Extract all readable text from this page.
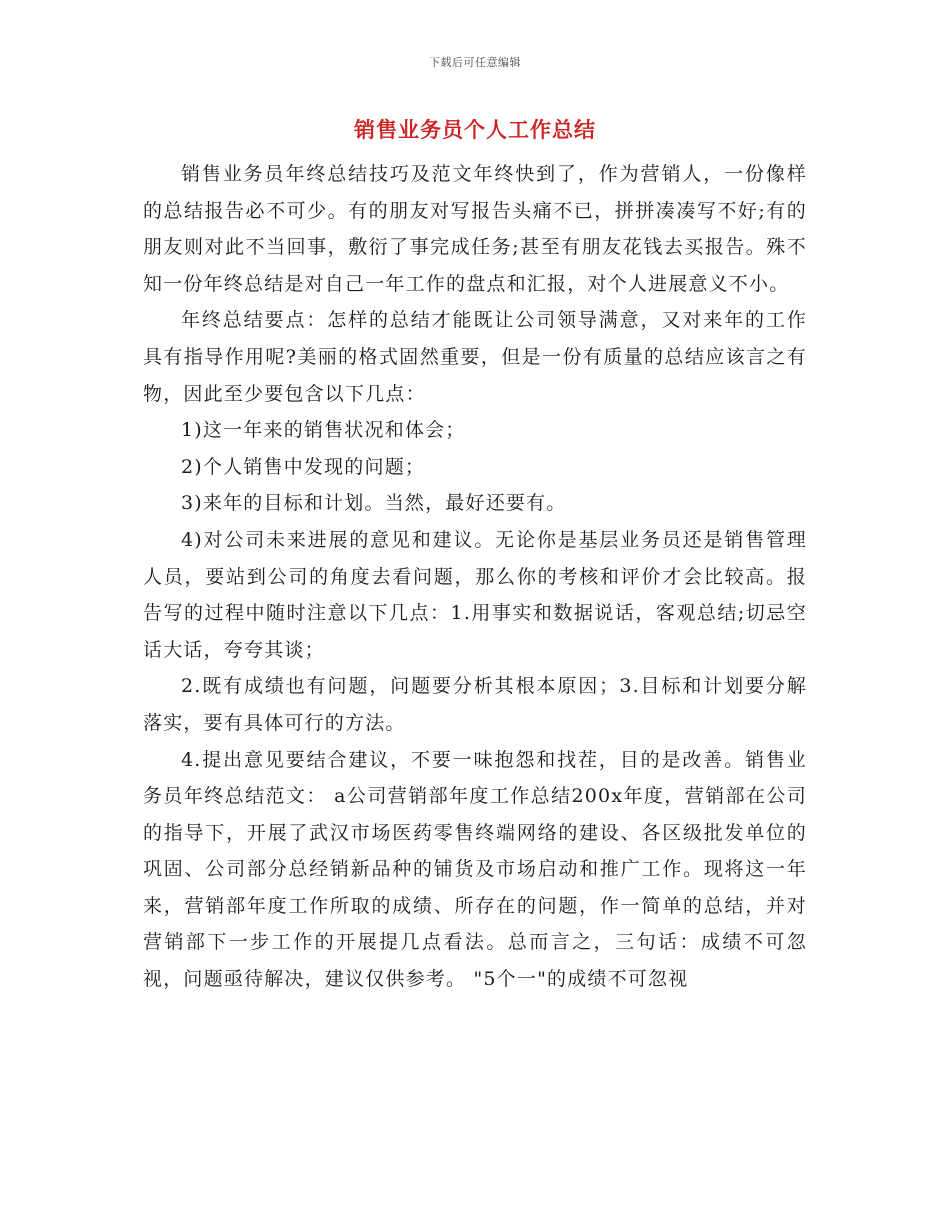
下载后可任意编辑
销售业务员个人工作总结

销售业务员年终总结技巧及范文年终快到了，作为营销人，一份像样的总结报告必不可少。有的朋友对写报告头痛不已，拼拼凑凑写不好;有的朋友则对此不当回事，敷衍了事完成任务;甚至有朋友花钱去买报告。殊不知一份年终总结是对自己一年工作的盘点和汇报，对个人进展意义不小。

年终总结要点：怎样的总结才能既让公司领导满意，又对来年的工作具有指导作用呢?美丽的格式固然重要，但是一份有质量的总结应该言之有物，因此至少要包含以下几点：

1)这一年来的销售状况和体会；

2)个人销售中发现的问题；

3)来年的目标和计划。当然，最好还要有。

4)对公司未来进展的意见和建议。无论你是基层业务员还是销售管理人员，要站到公司的角度去看问题，那么你的考核和评价才会比较高。报告写的过程中随时注意以下几点：1.用事实和数据说话，客观总结;切忌空话大话，夸夸其谈；

2.既有成绩也有问题，问题要分析其根本原因；3.目标和计划要分解落实，要有具体可行的方法。

4.提出意见要结合建议，不要一味抱怨和找茬，目的是改善。销售业务员年终总结范文： a公司营销部年度工作总结200x年度，营销部在公司的指导下，开展了武汉市场医药零售终端网络的建设、各区级批发单位的巩固、公司部分总经销新品种的铺货及市场启动和推广工作。现将这一年来，营销部年度工作所取的成绩、所存在的问题，作一简单的总结，并对营销部下一步工作的开展提几点看法。总而言之，三句话：成绩不可忽视，问题亟待解决，建议仅供参考。 "5个一"的成绩不可忽视
